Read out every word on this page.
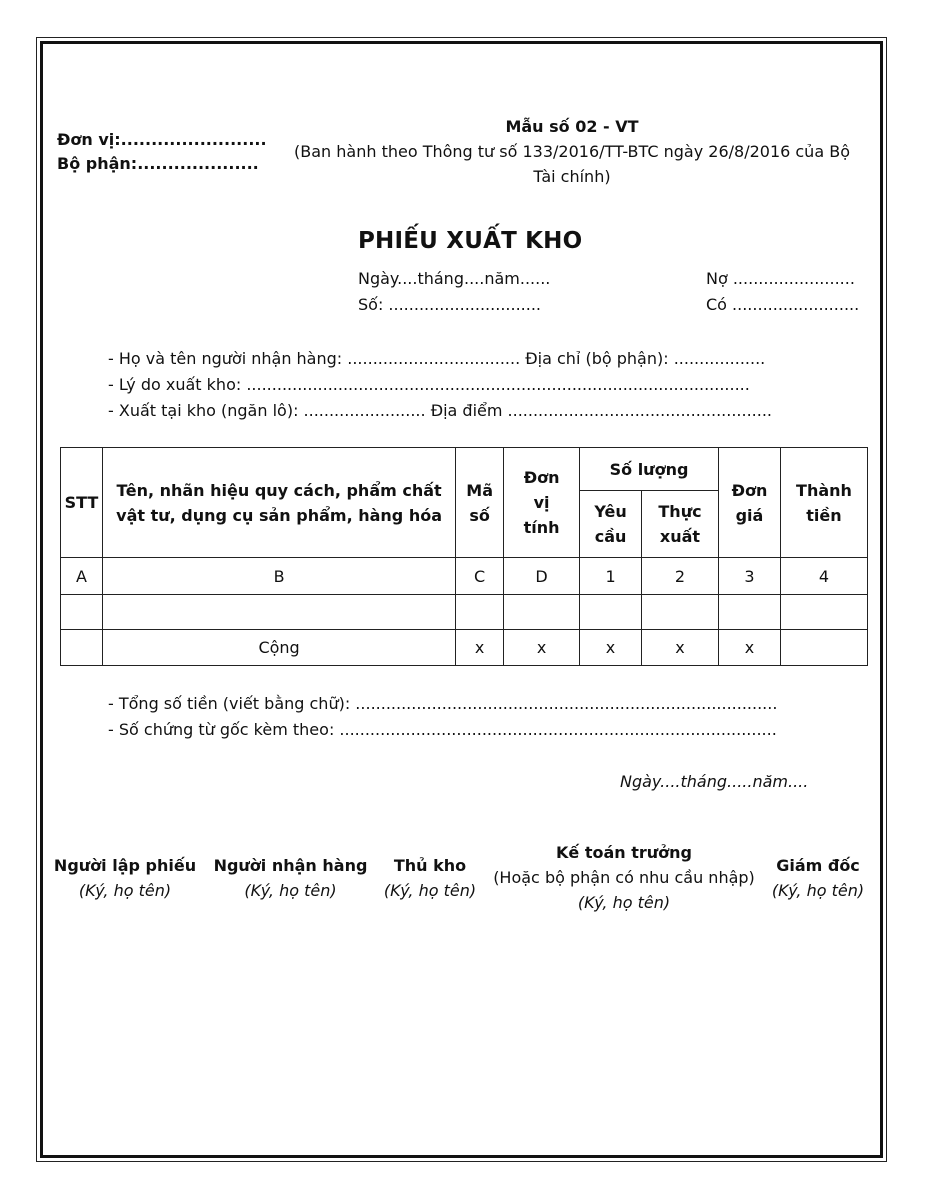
Đơn vị:........................
Bộ phận:....................
Mẫu số 02 - VT
(Ban hành theo Thông tư số 133/2016/TT-BTC ngày 26/8/2016 của Bộ
Tài chính)
PHIẾU XUẤT KHO
Ngày....tháng....năm......
Số: ..............................
Nợ ........................
Có .........................
- Họ và tên người nhận hàng: .................................. Địa chỉ (bộ phận): ..................
- Lý do xuất kho: ...................................................................................................
- Xuất tại kho (ngăn lô): ........................ Địa điểm ....................................................
STT	Tên, nhãn hiệu quy cách, phẩm chất vật tư, dụng cụ sản phẩm, hàng hóa	Mã số	Đơn vị tính	Số lượng		Đơn giá	Thành tiền
				Yêu cầu	Thực xuất		
A	B	C	D	1	2	3	4

	Cộng	x	x	x	x	x	
- Tổng số tiền (viết bằng chữ): ...................................................................................
- Số chứng từ gốc kèm theo: ......................................................................................
Ngày....tháng.....năm....
Người lập phiếu
(Ký, họ tên)
Người nhận hàng
(Ký, họ tên)
Thủ kho
(Ký, họ tên)
Kế toán trưởng
(Hoặc bộ phận có nhu cầu nhập)
(Ký, họ tên)
Giám đốc
(Ký, họ tên)
